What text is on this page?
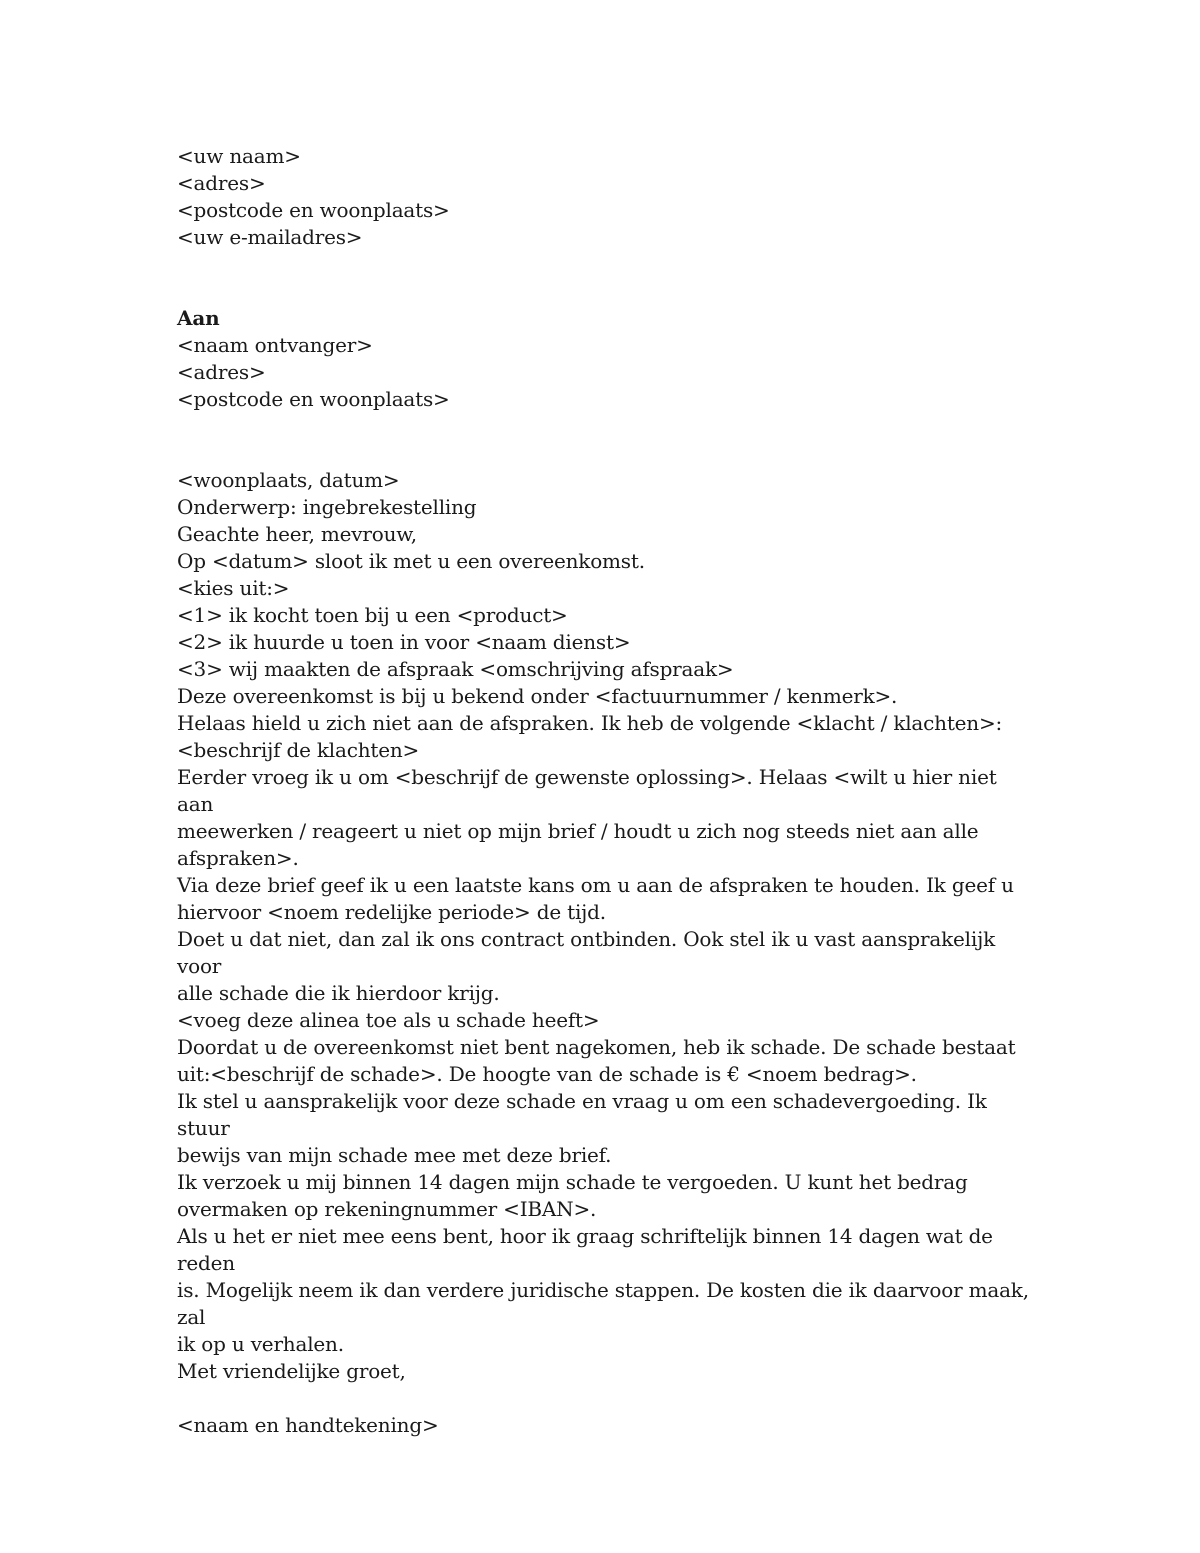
<uw naam>
<adres>
<postcode en woonplaats>
<uw e-mailadres>
Aan
<naam ontvanger>
<adres>
<postcode en woonplaats>
<woonplaats, datum>
Onderwerp: ingebrekestelling
Geachte heer, mevrouw,
Op <datum> sloot ik met u een overeenkomst.
<kies uit:>
<1> ik kocht toen bij u een <product>
<2> ik huurde u toen in voor <naam dienst>
<3> wij maakten de afspraak <omschrijving afspraak>
Deze overeenkomst is bij u bekend onder <factuurnummer / kenmerk>.
Helaas hield u zich niet aan de afspraken. Ik heb de volgende <klacht / klachten>:
<beschrijf de klachten>
Eerder vroeg ik u om <beschrijf de gewenste oplossing>. Helaas <wilt u hier niet aan
meewerken / reageert u niet op mijn brief / houdt u zich nog steeds niet aan alle
afspraken>.
Via deze brief geef ik u een laatste kans om u aan de afspraken te houden. Ik geef u
hiervoor <noem redelijke periode> de tijd.
Doet u dat niet, dan zal ik ons contract ontbinden. Ook stel ik u vast aansprakelijk voor
alle schade die ik hierdoor krijg.
<voeg deze alinea toe als u schade heeft>
Doordat u de overeenkomst niet bent nagekomen, heb ik schade. De schade bestaat
uit:<beschrijf de schade>. De hoogte van de schade is € <noem bedrag>.
Ik stel u aansprakelijk voor deze schade en vraag u om een schadevergoeding. Ik stuur
bewijs van mijn schade mee met deze brief.
Ik verzoek u mij binnen 14 dagen mijn schade te vergoeden. U kunt het bedrag
overmaken op rekeningnummer <IBAN>.
Als u het er niet mee eens bent, hoor ik graag schriftelijk binnen 14 dagen wat de reden
is. Mogelijk neem ik dan verdere juridische stappen. De kosten die ik daarvoor maak, zal
ik op u verhalen.
Met vriendelijke groet,
<naam en handtekening>
